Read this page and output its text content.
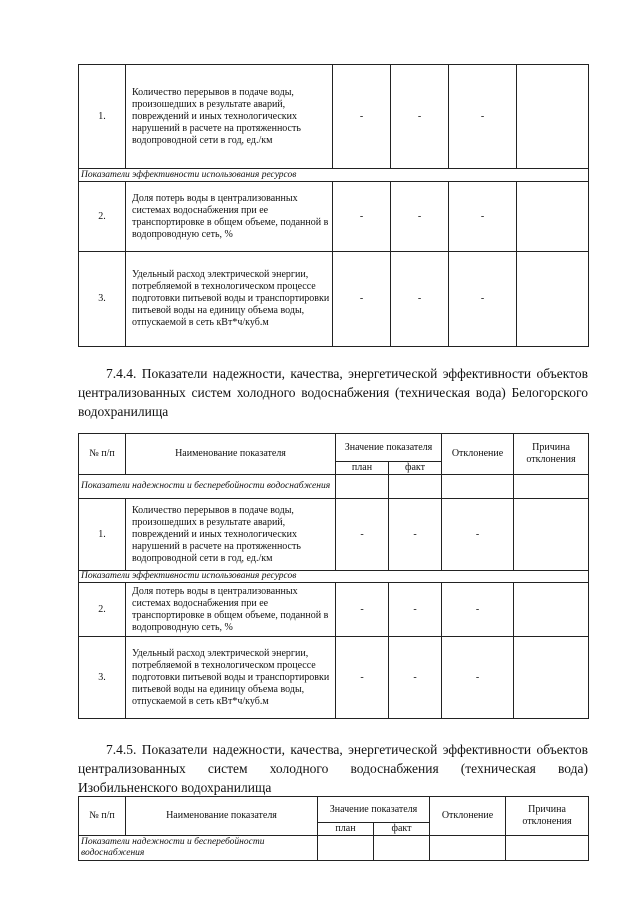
1.	Количество перерывов в подаче воды, произошедших в результате аварий, повреждений и иных технологических нарушений в расчете на протяженность водопроводной сети в год, ед./км	-	-	-	
Показатели эффективности использования ресурсов					
2.	Доля потерь воды в централизованных системах водоснабжения при ее транспортировке в общем объеме, поданной в водопроводную сеть, %	-	-	-	
3.	Удельный расход электрической энергии, потребляемой в технологическом процессе подготовки питьевой воды и транспортировки питьевой воды на единицу объема воды, отпускаемой в сеть кВт*ч/куб.м	-	-	-	
7.4.4. Показатели надежности, качества, энергетической эффективности объектов централизованных систем холодного водоснабжения (техническая вода) Белогорского водохранилища
№ п/п	Наименование показателя	Значение показателя		Отклонение	Причина отклонения
		план	факт		
Показатели надежности и бесперебойности водоснабжения					
1.	Количество перерывов в подаче воды, произошедших в результате аварий, повреждений и иных технологических нарушений в расчете на протяженность водопроводной сети в год, ед./км	-	-	-	
Показатели эффективности использования ресурсов					
2.	Доля потерь воды в централизованных системах водоснабжения при ее транспортировке в общем объеме, поданной в водопроводную сеть, %	-	-	-	
3.	Удельный расход электрической энергии, потребляемой в технологическом процессе подготовки питьевой воды и транспортировки питьевой воды на единицу объема воды, отпускаемой в сеть кВт*ч/куб.м	-	-	-	
7.4.5. Показатели надежности, качества, энергетической эффективности объектов централизованных систем холодного водоснабжения (техническая вода) Изобильненского водохранилища
№ п/п	Наименование показателя	Значение показателя		Отклонение	Причина отклонения
		план	факт		
Показатели надежности и бесперебойности водоснабжения					
